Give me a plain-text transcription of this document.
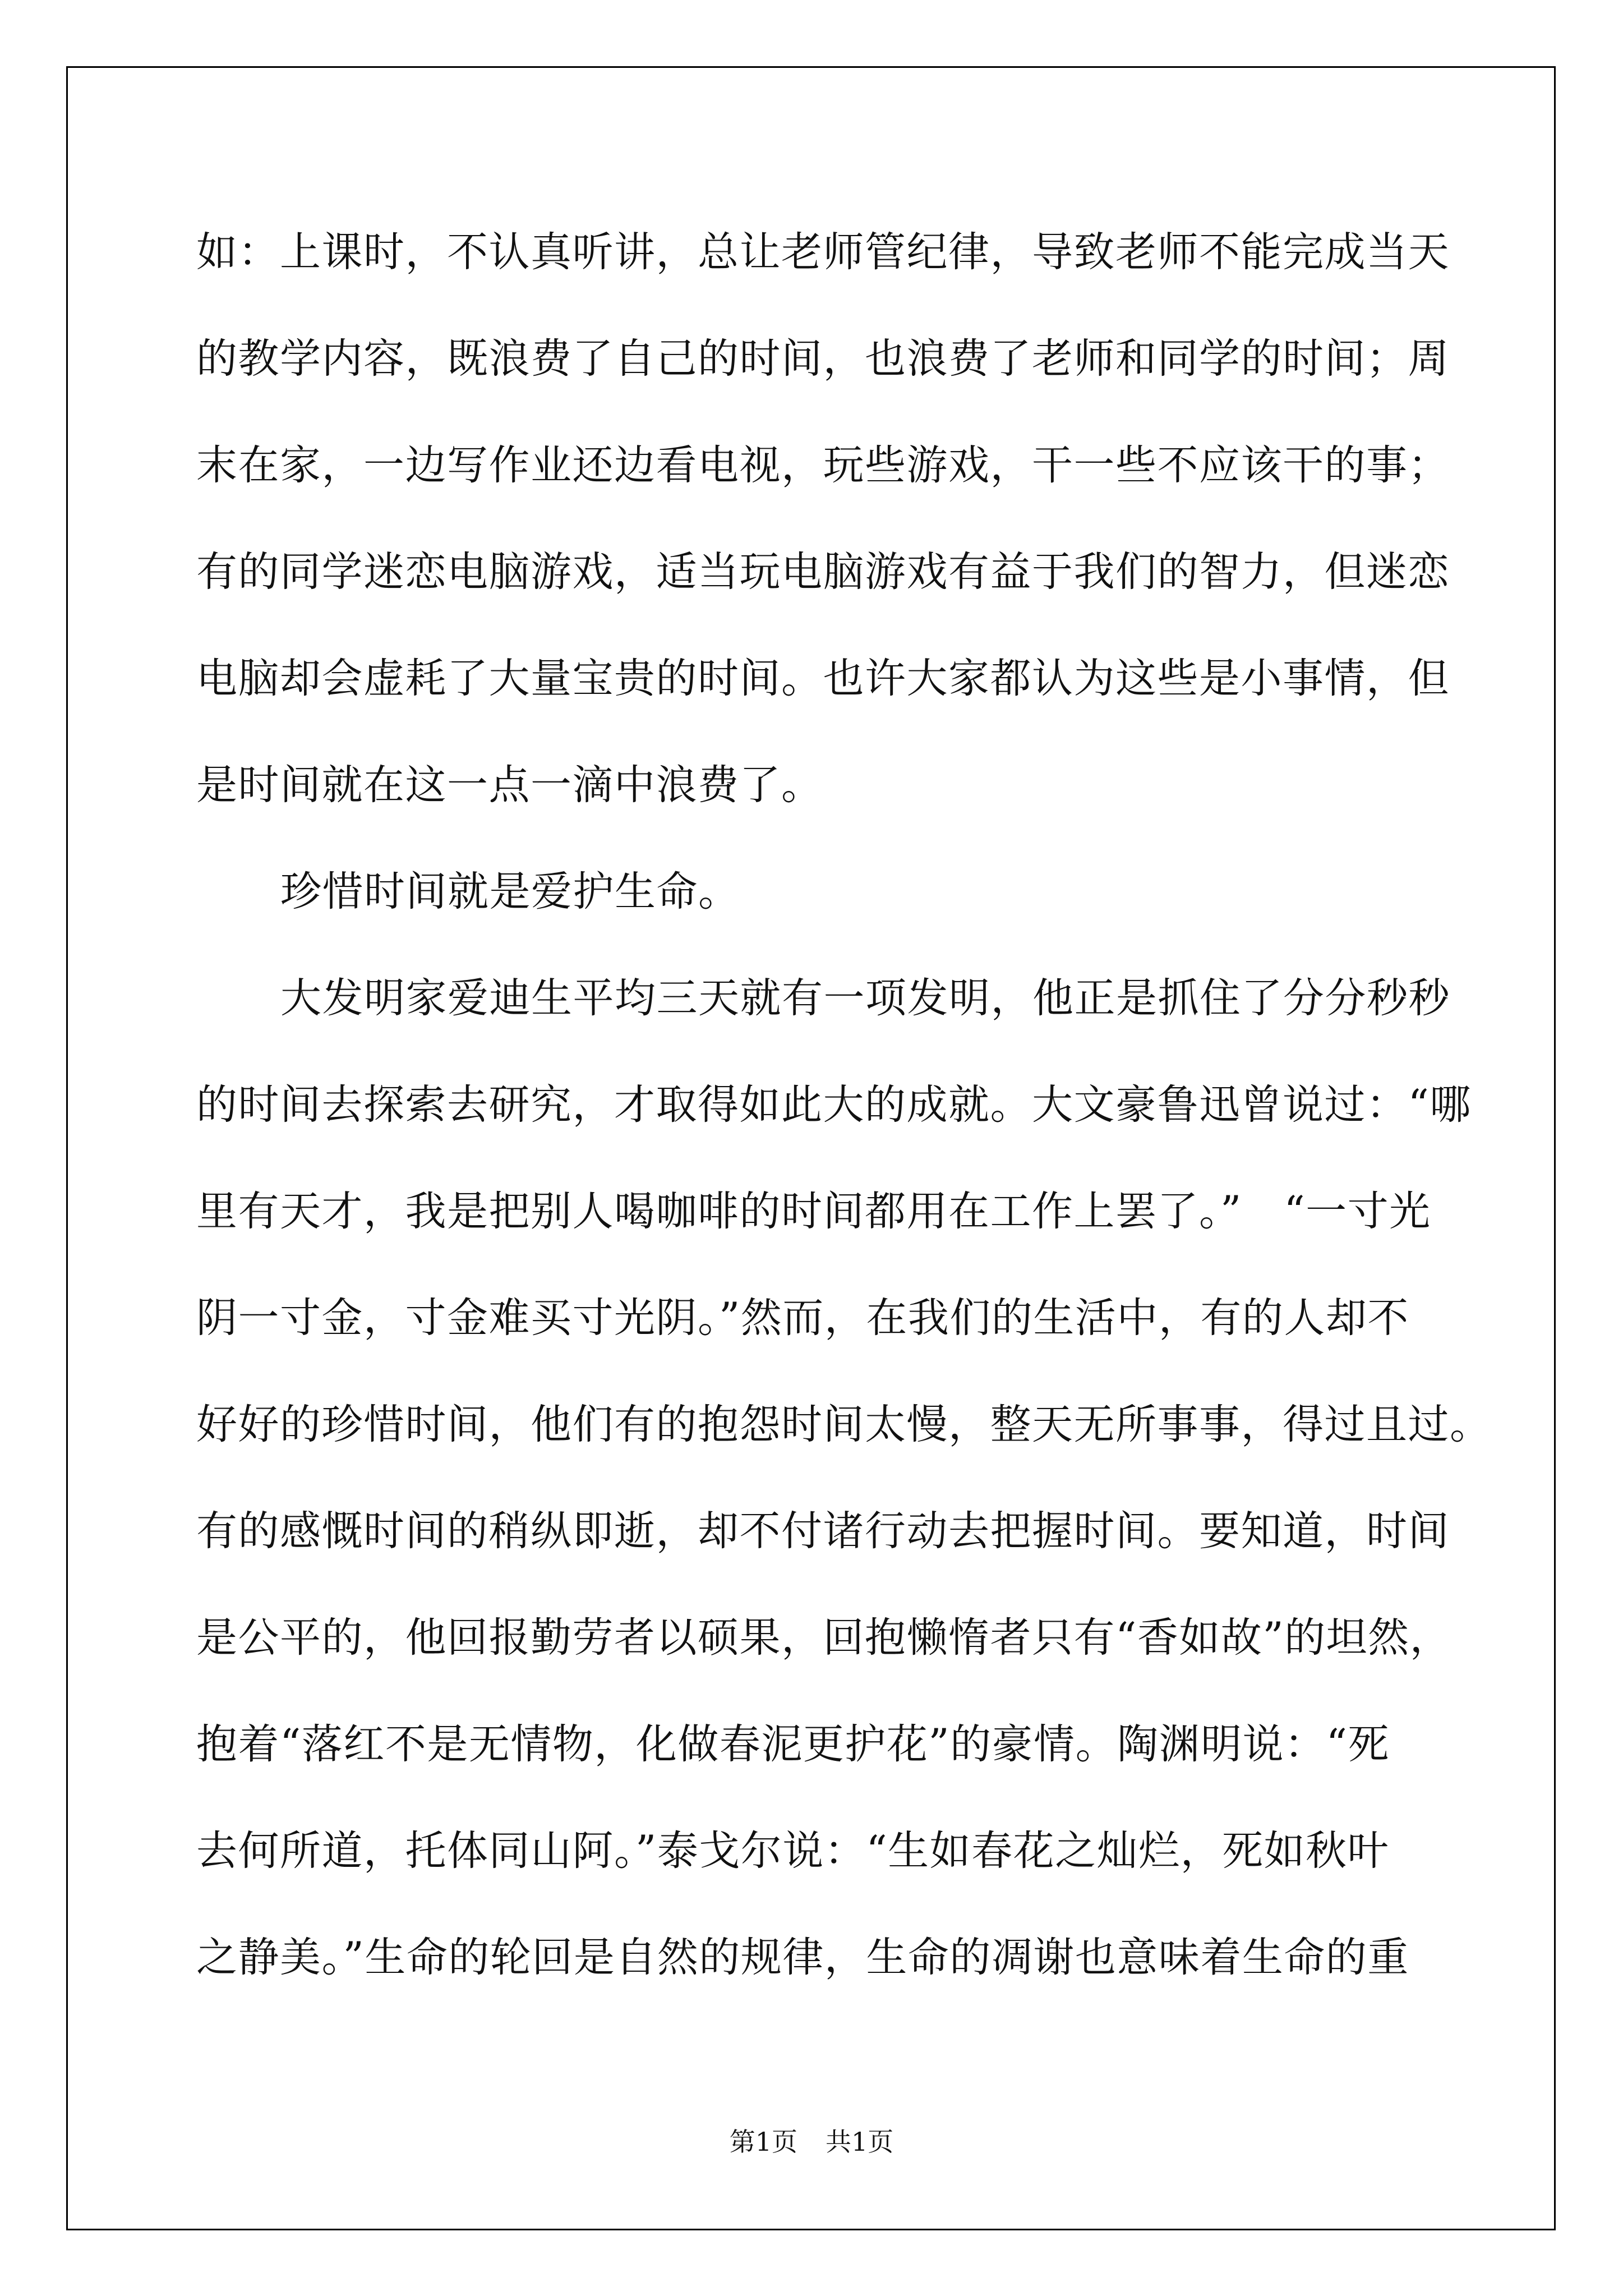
如：上课时，不认真听讲，总让老师管纪律，导致老师不能完成当天
的教学内容，既浪费了自己的时间，也浪费了老师和同学的时间；周
末在家，一边写作业还边看电视，玩些游戏，干一些不应该干的事；
有的同学迷恋电脑游戏，适当玩电脑游戏有益于我们的智力，但迷恋
电脑却会虚耗了大量宝贵的时间。也许大家都认为这些是小事情，但
是时间就在这一点一滴中浪费了。
珍惜时间就是爱护生命。
大发明家爱迪生平均三天就有一项发明，他正是抓住了分分秒秒
的时间去探索去研究，才取得如此大的成就。大文豪鲁迅曾说过：“哪
里有天才，我是把别人喝咖啡的时间都用在工作上罢了。”　“一寸光
阴一寸金，寸金难买寸光阴。”然而，在我们的生活中，有的人却不
好好的珍惜时间，他们有的抱怨时间太慢，整天无所事事，得过且过。
有的感慨时间的稍纵即逝，却不付诸行动去把握时间。要知道，时间
是公平的，他回报勤劳者以硕果，回抱懒惰者只有“香如故”的坦然，
抱着“落红不是无情物，化做春泥更护花”的豪情。陶渊明说：“死
去何所道，托体同山阿。”泰戈尔说：“生如春花之灿烂，死如秋叶
之静美。”生命的轮回是自然的规律，生命的凋谢也意味着生命的重
第1页 共1页
